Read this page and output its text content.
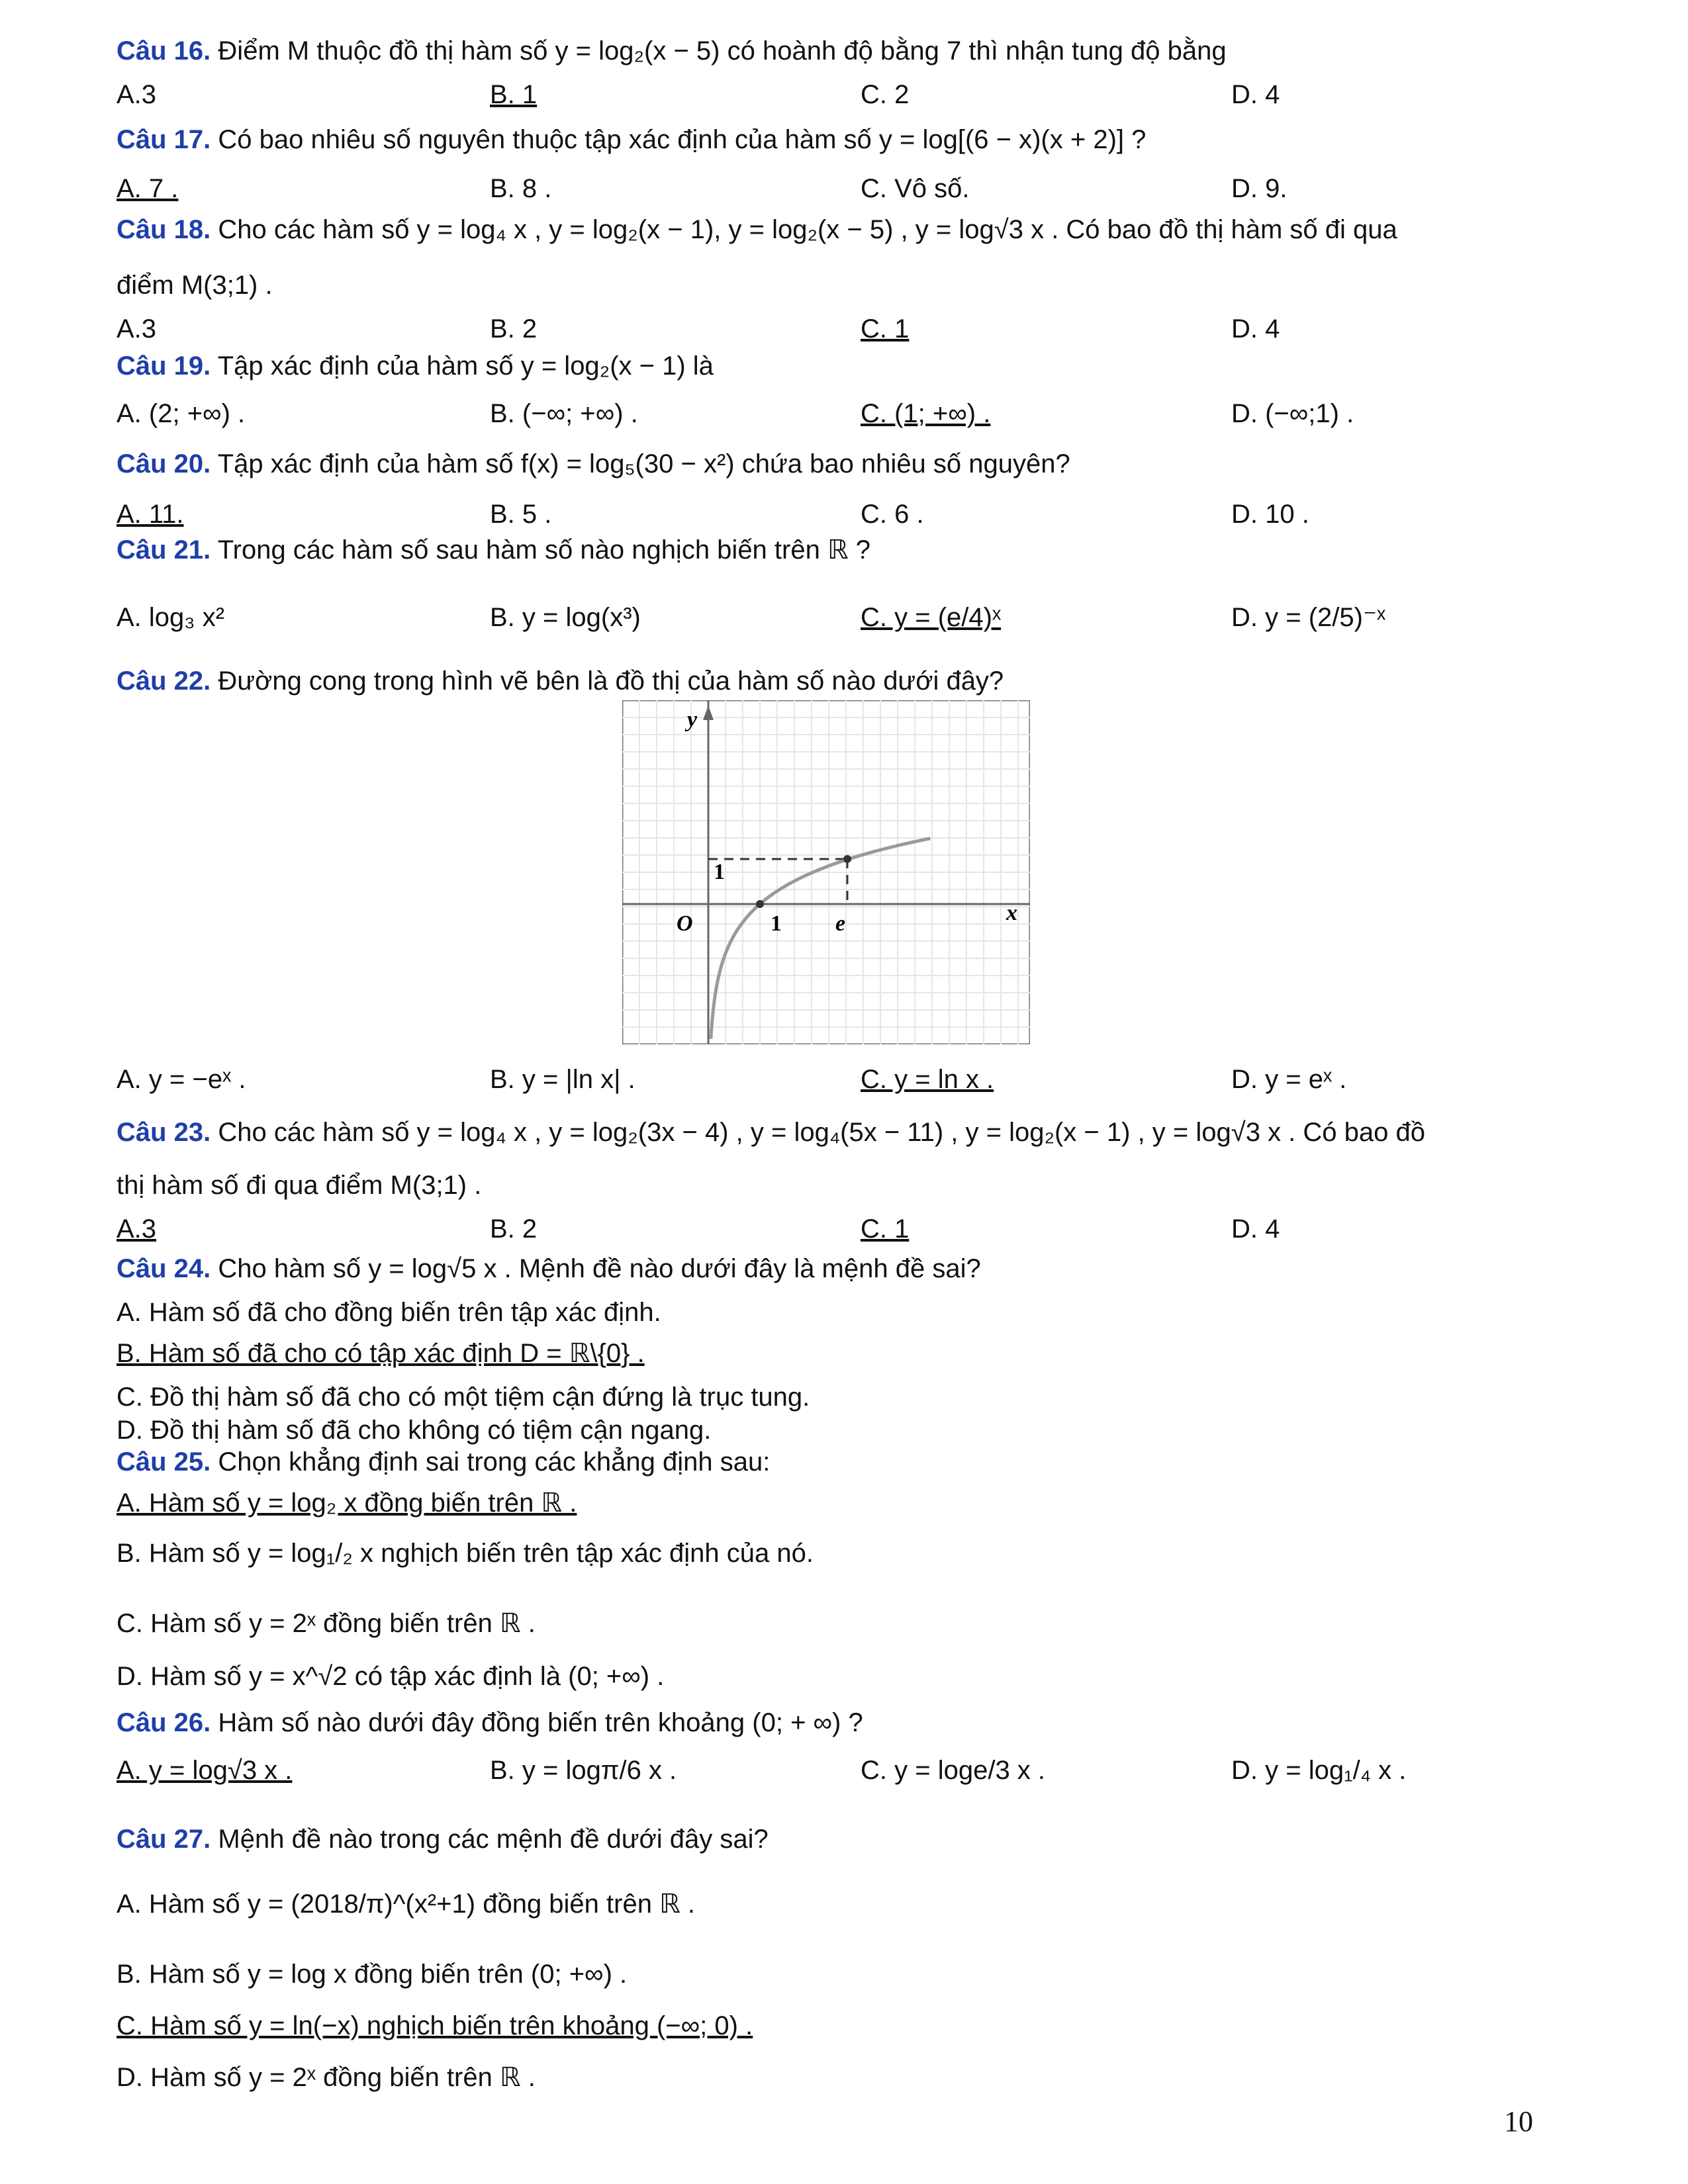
Câu 16. Điểm M thuộc đồ thị hàm số y = log₂(x − 5) có hoành độ bằng 7 thì nhận tung độ bằng
A.3	B. 1	C. 2	D. 4
Câu 17. Có bao nhiêu số nguyên thuộc tập xác định của hàm số y = log[(6 − x)(x + 2)] ?
A. 7 .	B. 8 .	C. Vô số.	D. 9.
Câu 18. Cho các hàm số y = log₄ x , y = log₂(x − 1), y = log₂(x − 5) , y = log√3 x . Có bao đồ thị hàm số đi qua
điểm M(3;1) .
A.3	B. 2	C. 1	D. 4
Câu 19. Tập xác định của hàm số y = log₂(x − 1) là
A. (2; +∞) .	B. (−∞; +∞) .	C. (1; +∞) .	D. (−∞;1) .
Câu 20. Tập xác định của hàm số f(x) = log₅(30 − x²) chứa bao nhiêu số nguyên?
A. 11.	B. 5 .	C. 6 .	D. 10 .
Câu 21. Trong các hàm số sau hàm số nào nghịch biến trên ℝ ?
A. log₃ x²	B. y = log(x³)	C. y = (e/4)ˣ	D. y = (2/5)⁻ˣ
Câu 22. Đường cong trong hình vẽ bên là đồ thị của hàm số nào dưới đây?
y
x
O	1 e
1
A. y = −eˣ .	B. y = |ln x| .	C. y = ln x .	D. y = eˣ .
Câu 23. Cho các hàm số y = log₄ x , y = log₂(3x − 4) , y = log₄(5x − 11) , y = log₂(x − 1) , y = log√3 x . Có bao đồ
thị hàm số đi qua điểm M(3;1) .
A.3	B. 2	C. 1	D. 4
Câu 24. Cho hàm số y = log√5 x . Mệnh đề nào dưới đây là mệnh đề sai?
A. Hàm số đã cho đồng biến trên tập xác định.
B. Hàm số đã cho có tập xác định D = ℝ\{0} .
C. Đồ thị hàm số đã cho có một tiệm cận đứng là trục tung.
D. Đồ thị hàm số đã cho không có tiệm cận ngang.
Câu 25. Chọn khẳng định sai trong các khẳng định sau:
A. Hàm số y = log₂ x đồng biến trên ℝ .
B. Hàm số y = log₁/₂ x nghịch biến trên tập xác định của nó.
C. Hàm số y = 2ˣ đồng biến trên ℝ .
D. Hàm số y = x^√2 có tập xác định là (0; +∞) .
Câu 26. Hàm số nào dưới đây đồng biến trên khoảng (0; + ∞) ?
A. y = log√3 x .	B. y = logπ/6 x .	C. y = loge/3 x .	D. y = log₁/₄ x .
Câu 27. Mệnh đề nào trong các mệnh đề dưới đây sai?
A. Hàm số y = (2018/π)^(x²+1) đồng biến trên ℝ .
B. Hàm số y = log x đồng biến trên (0; +∞) .
C. Hàm số y = ln(−x) nghịch biến trên khoảng (−∞; 0) .
D. Hàm số y = 2ˣ đồng biến trên ℝ .
10
